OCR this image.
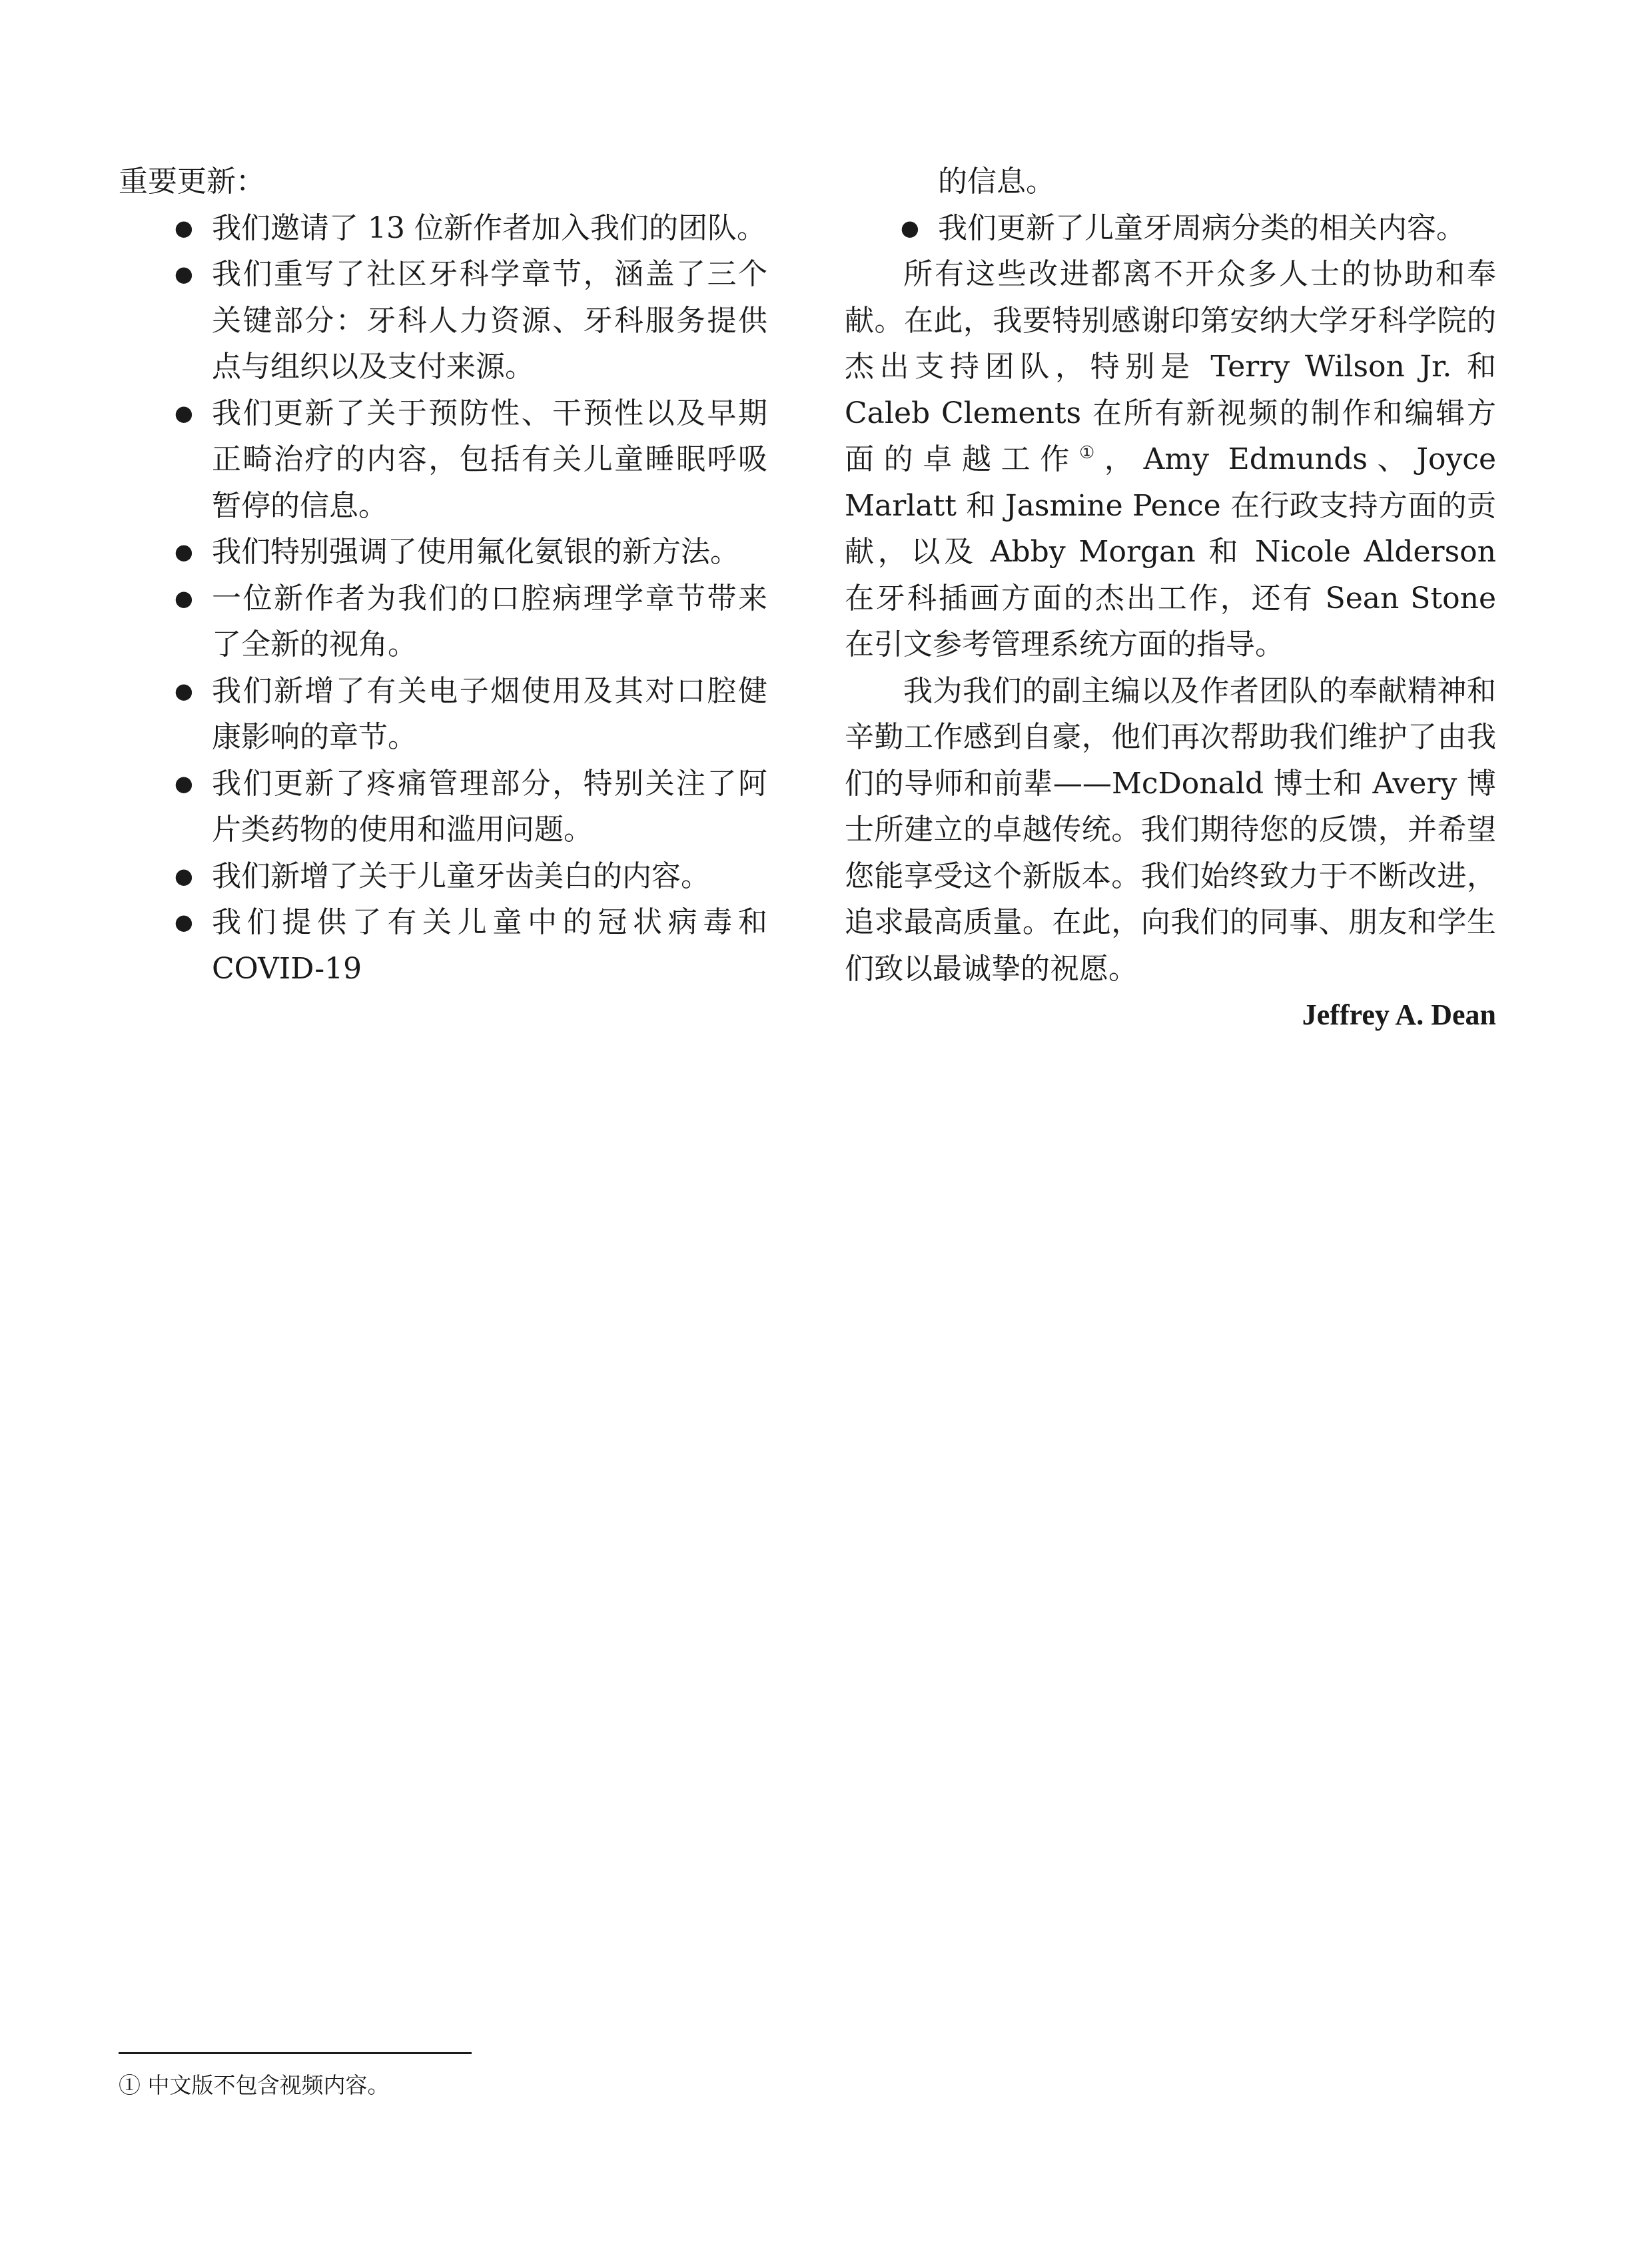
重要更新：

● 我们邀请了 13 位新作者加入我们的团队。
● 我们重写了社区牙科学章节，涵盖了三个关键部分：牙科人力资源、牙科服务提供点与组织以及支付来源。
● 我们更新了关于预防性、干预性以及早期正畸治疗的内容，包括有关儿童睡眠呼吸暂停的信息。
● 我们特别强调了使用氟化氨银的新方法。
● 一位新作者为我们的口腔病理学章节带来了全新的视角。
● 我们新增了有关电子烟使用及其对口腔健康影响的章节。
● 我们更新了疼痛管理部分，特别关注了阿片类药物的使用和滥用问题。
● 我们新增了关于儿童牙齿美白的内容。
● 我们提供了有关儿童中的冠状病毒和 COVID-19

的信息。

● 我们更新了儿童牙周病分类的相关内容。

所有这些改进都离不开众多人士的协助和奉献。在此，我要特别感谢印第安纳大学牙科学院的杰出支持团队，特别是 Terry Wilson Jr. 和 Caleb Clements 在所有新视频的制作和编辑方面的卓越工作①，Amy Edmunds、Joyce Marlatt 和 Jasmine Pence 在行政支持方面的贡献，以及 Abby Morgan 和 Nicole Alderson 在牙科插画方面的杰出工作，还有 Sean Stone 在引文参考管理系统方面的指导。

我为我们的副主编以及作者团队的奉献精神和辛勤工作感到自豪，他们再次帮助我们维护了由我们的导师和前辈——McDonald 博士和 Avery 博士所建立的卓越传统。我们期待您的反馈，并希望您能享受这个新版本。我们始终致力于不断改进，追求最高质量。在此，向我们的同事、朋友和学生们致以最诚挚的祝愿。

Jeffrey A. Dean
① 中文版不包含视频内容。
